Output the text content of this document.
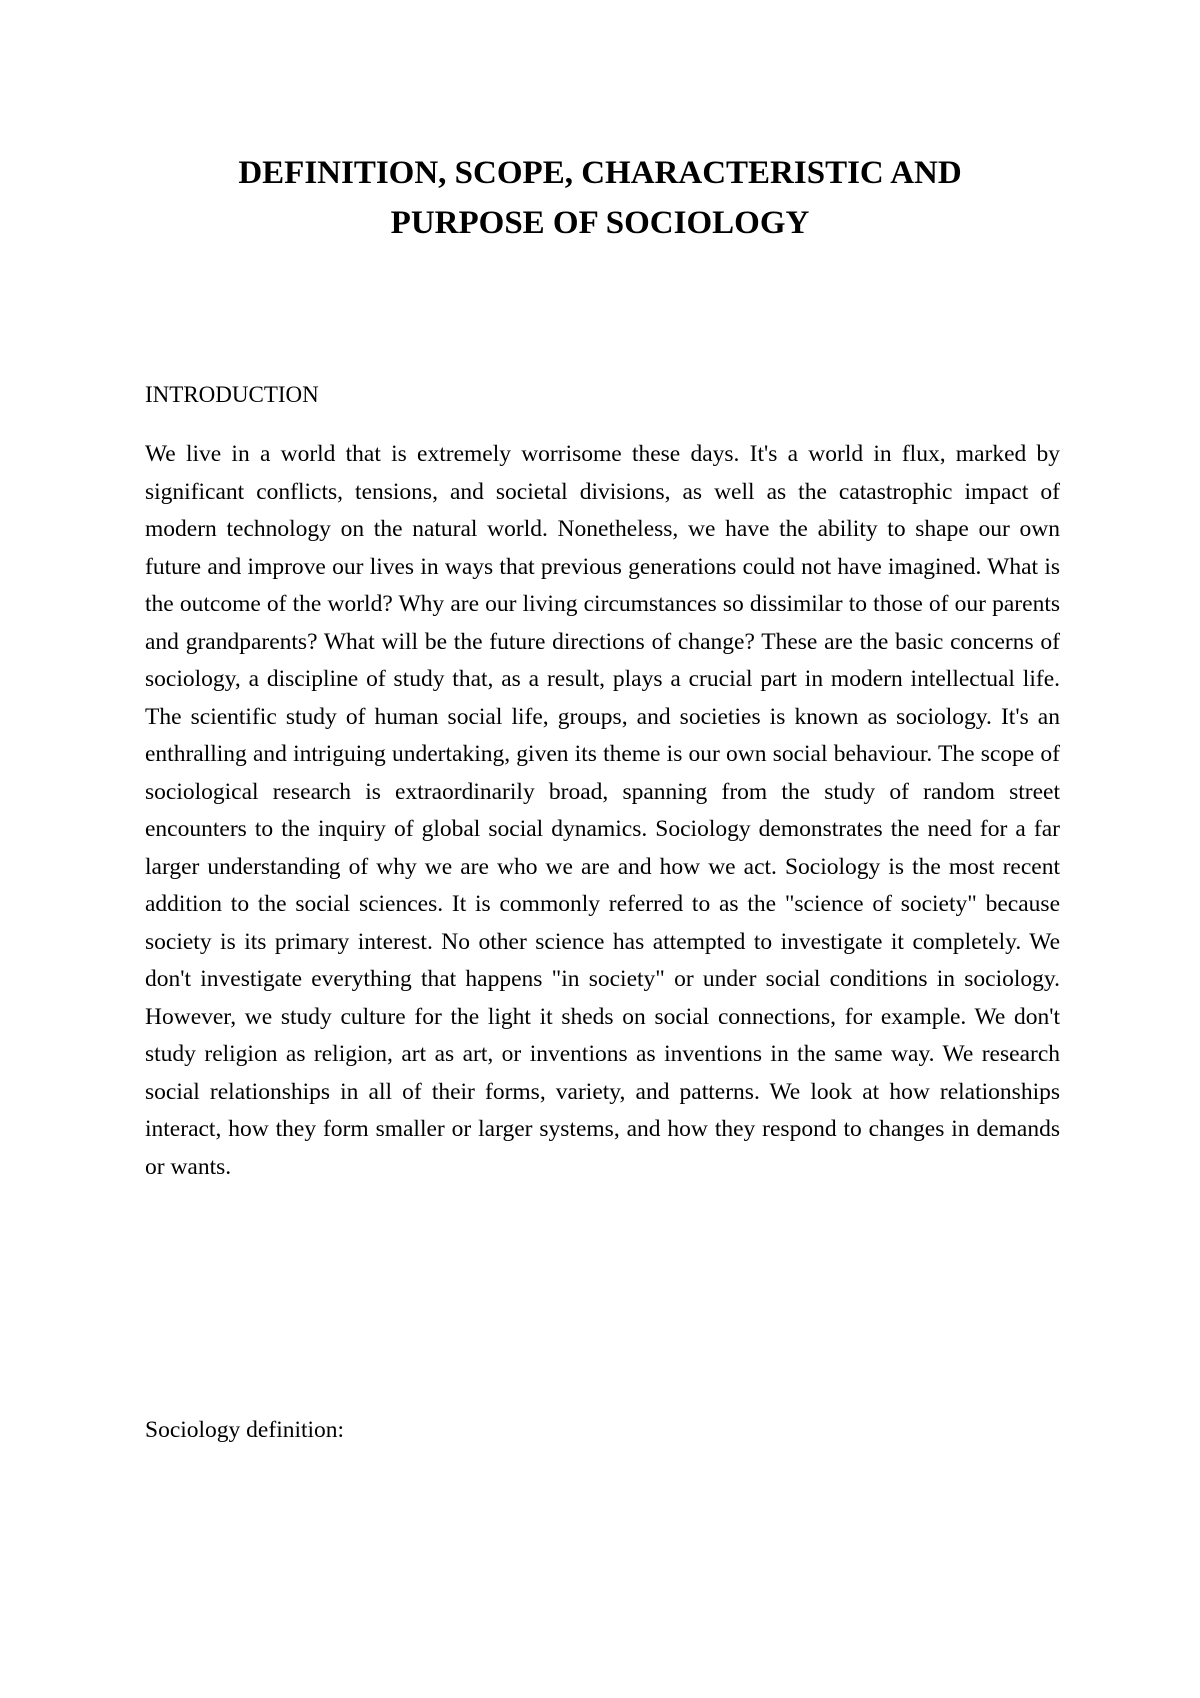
DEFINITION, SCOPE, CHARACTERISTIC AND
PURPOSE OF SOCIOLOGY
INTRODUCTION

We live in a world that is extremely worrisome these days. It's a world in flux, marked by significant conflicts, tensions, and societal divisions, as well as the catastrophic impact of modern technology on the natural world. Nonetheless, we have the ability to shape our own future and improve our lives in ways that previous generations could not have imagined. What is the outcome of the world? Why are our living circumstances so dissimilar to those of our parents and grandparents? What will be the future directions of change? These are the basic concerns of sociology, a discipline of study that, as a result, plays a crucial part in modern intellectual life. The scientific study of human social life, groups, and societies is known as sociology. It's an enthralling and intriguing undertaking, given its theme is our own social behaviour. The scope of sociological research is extraordinarily broad, spanning from the study of random street encounters to the inquiry of global social dynamics. Sociology demonstrates the need for a far larger understanding of why we are who we are and how we act. Sociology is the most recent addition to the social sciences. It is commonly referred to as the "science of society" because society is its primary interest. No other science has attempted to investigate it completely. We don't investigate everything that happens "in society" or under social conditions in sociology. However, we study culture for the light it sheds on social connections, for example. We don't study religion as religion, art as art, or inventions as inventions in the same way. We research social relationships in all of their forms, variety, and patterns. We look at how relationships interact, how they form smaller or larger systems, and how they respond to changes in demands or wants.

Sociology definition:
